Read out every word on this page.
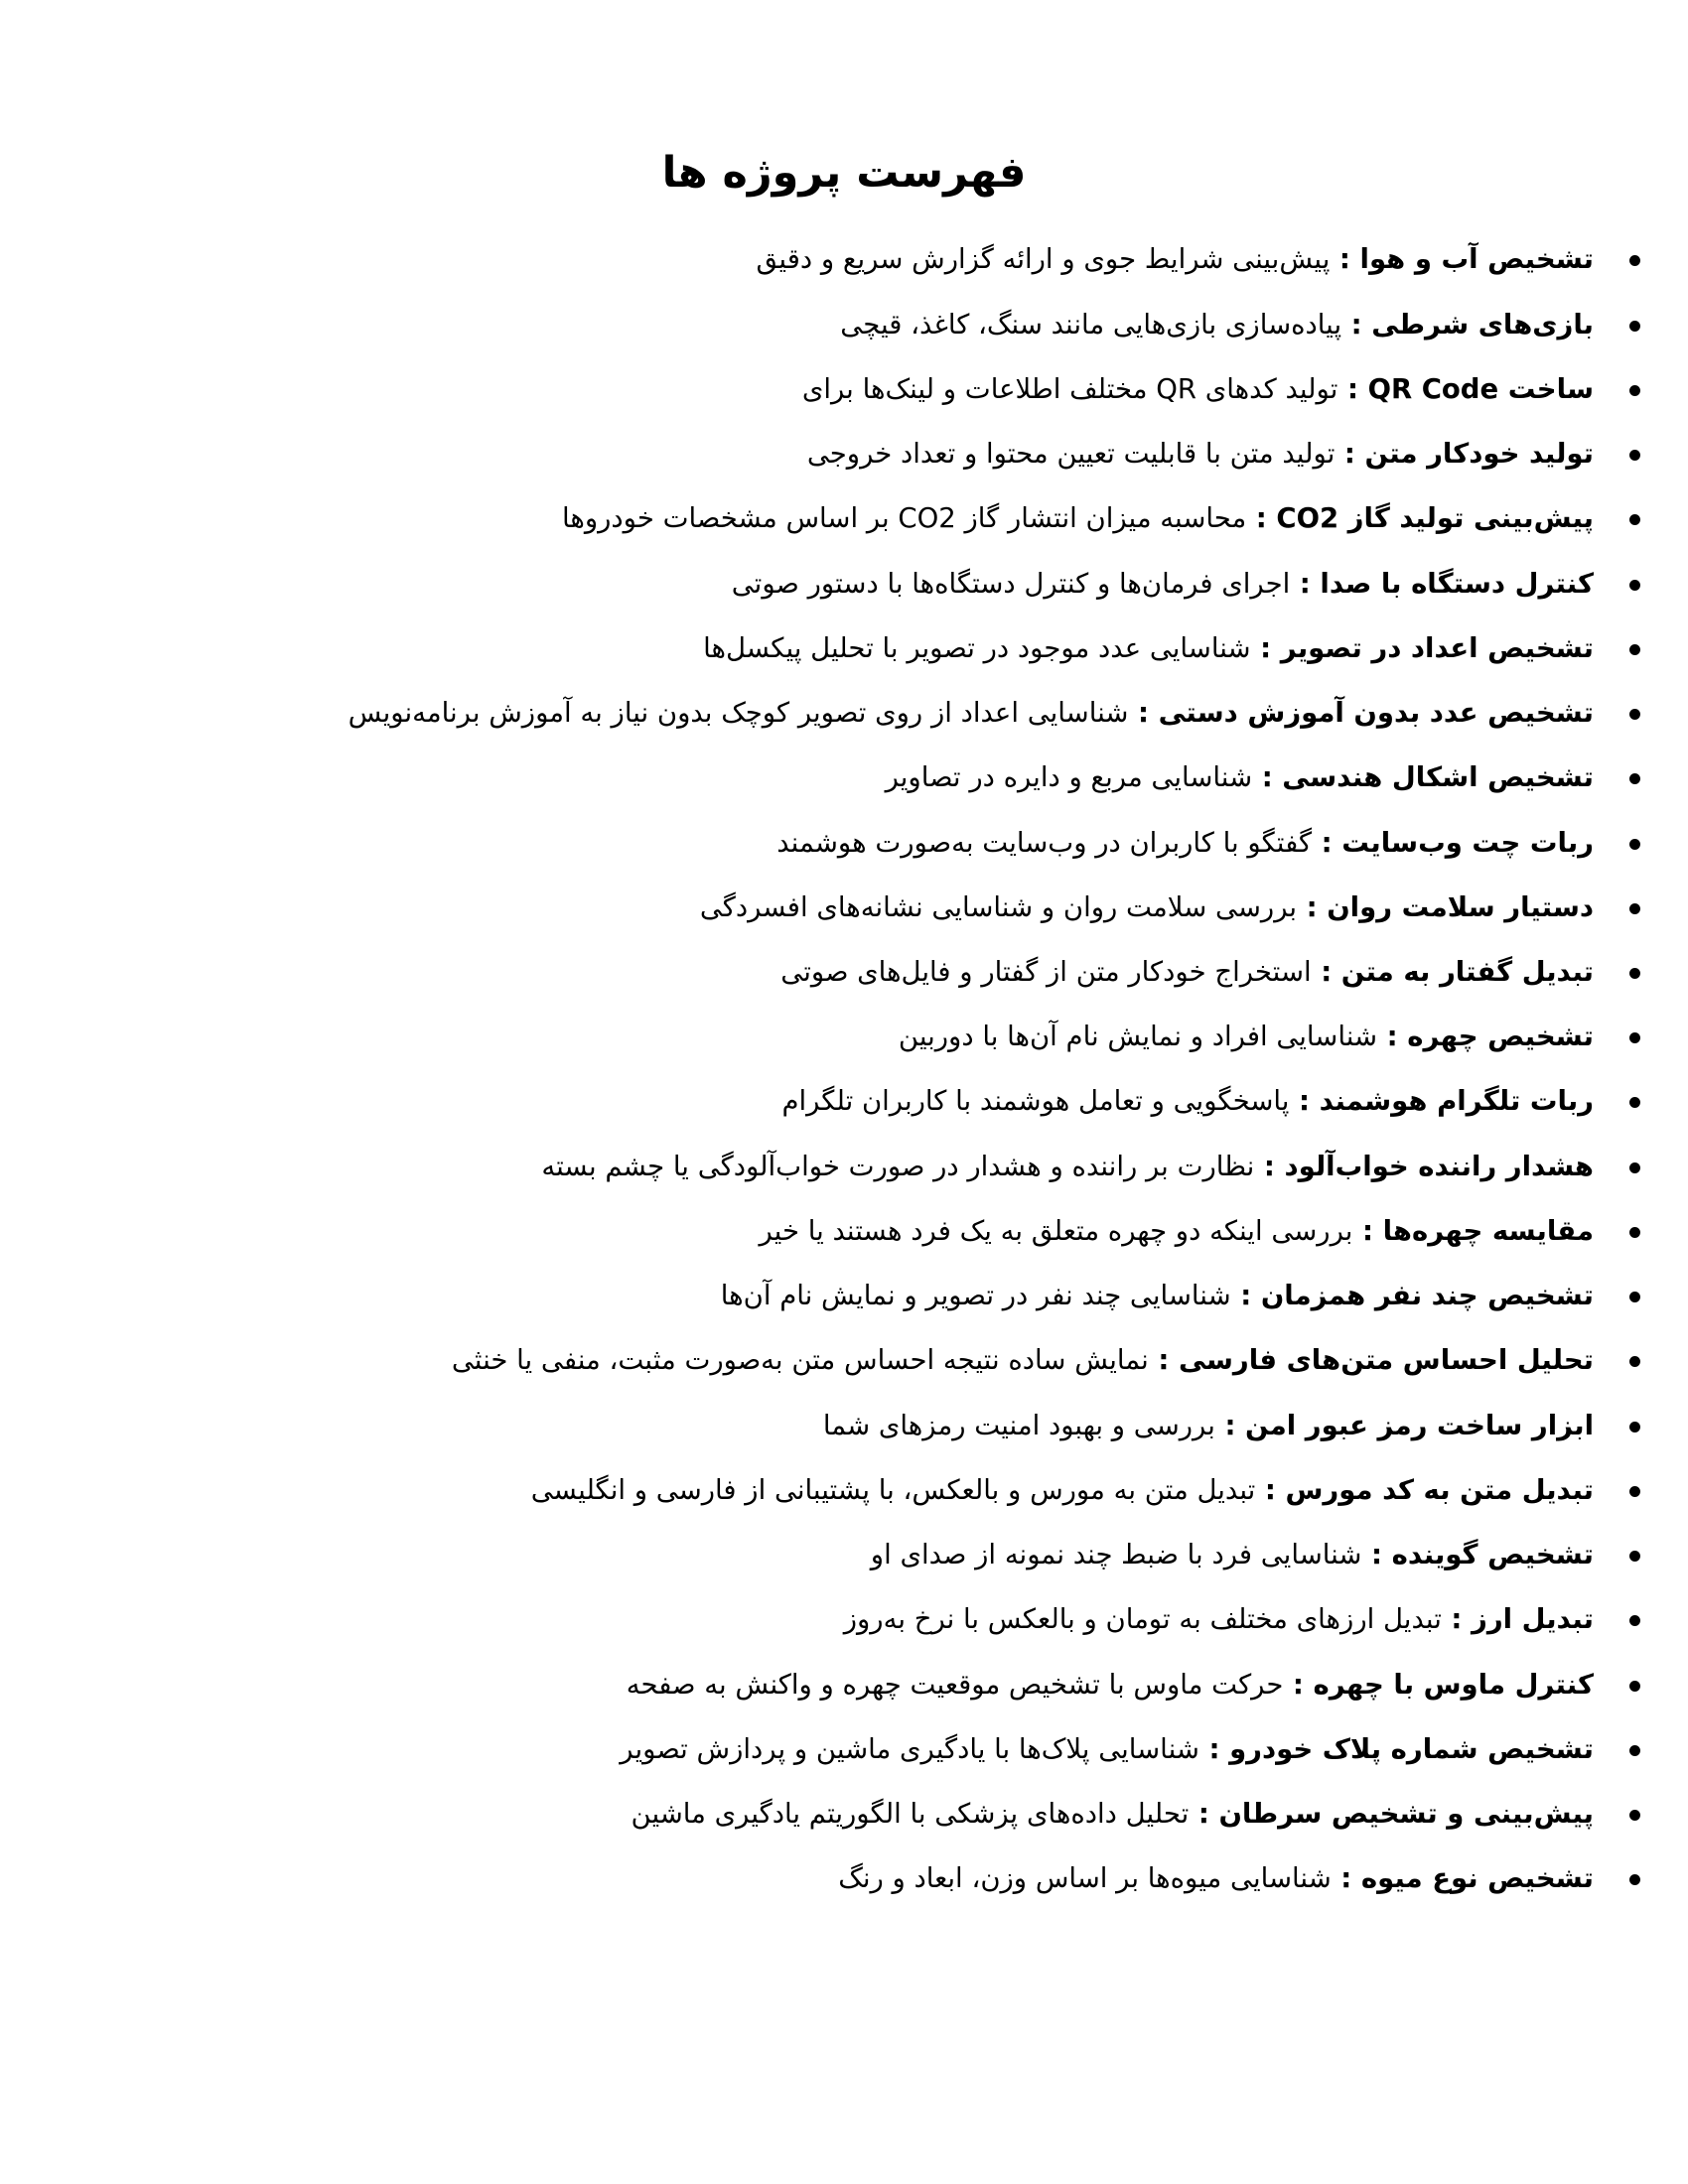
فهرست پروژه ها
تشخیص آب و هوا : پیش‌بینی شرایط جوی و ارائه گزارش سریع و دقیق
بازی‌های شرطی : پیاده‌سازی بازی‌هایی مانند سنگ، کاغذ، قیچی
ساخت QR Code : تولید کدهای QR مختلف اطلاعات و لینک‌ها برای
تولید خودکار متن : تولید متن با قابلیت تعیین محتوا و تعداد خروجی
پیش‌بینی تولید گاز CO2 : محاسبه میزان انتشار گاز CO2 بر اساس مشخصات خودروها
کنترل دستگاه با صدا : اجرای فرمان‌ها و کنترل دستگاه‌ها با دستور صوتی
تشخیص اعداد در تصویر : شناسایی عدد موجود در تصویر با تحلیل پیکسل‌ها
تشخیص عدد بدون آموزش دستی : شناسایی اعداد از روی تصویر کوچک بدون نیاز به آموزش برنامه‌نویس
تشخیص اشکال هندسی : شناسایی مربع و دایره در تصاویر
ربات چت وب‌سایت : گفتگو با کاربران در وب‌سایت به‌صورت هوشمند
دستیار سلامت روان : بررسی سلامت روان و شناسایی نشانه‌های افسردگی
تبدیل گفتار به متن : استخراج خودکار متن از گفتار و فایل‌های صوتی
تشخیص چهره : شناسایی افراد و نمایش نام آن‌ها با دوربین
ربات تلگرام هوشمند : پاسخگویی و تعامل هوشمند با کاربران تلگرام
هشدار راننده خواب‌آلود : نظارت بر راننده و هشدار در صورت خواب‌آلودگی یا چشم بسته
مقایسه چهره‌ها : بررسی اینکه دو چهره متعلق به یک فرد هستند یا خیر
تشخیص چند نفر همزمان : شناسایی چند نفر در تصویر و نمایش نام آن‌ها
تحلیل احساس متن‌های فارسی : نمایش ساده نتیجه احساس متن به‌صورت مثبت، منفی یا خنثی
ابزار ساخت رمز عبور امن : بررسی و بهبود امنیت رمزهای شما
تبدیل متن به کد مورس : تبدیل متن به مورس و بالعکس، با پشتیبانی از فارسی و انگلیسی
تشخیص گوینده : شناسایی فرد با ضبط چند نمونه از صدای او
تبدیل ارز : تبدیل ارزهای مختلف به تومان و بالعکس با نرخ به‌روز
کنترل ماوس با چهره : حرکت ماوس با تشخیص موقعیت چهره و واکنش به صفحه
تشخیص شماره پلاک خودرو : شناسایی پلاک‌ها با یادگیری ماشین و پردازش تصویر
پیش‌بینی و تشخیص سرطان : تحلیل داده‌های پزشکی با الگوریتم یادگیری ماشین
تشخیص نوع میوه : شناسایی میوه‌ها بر اساس وزن، ابعاد و رنگ
